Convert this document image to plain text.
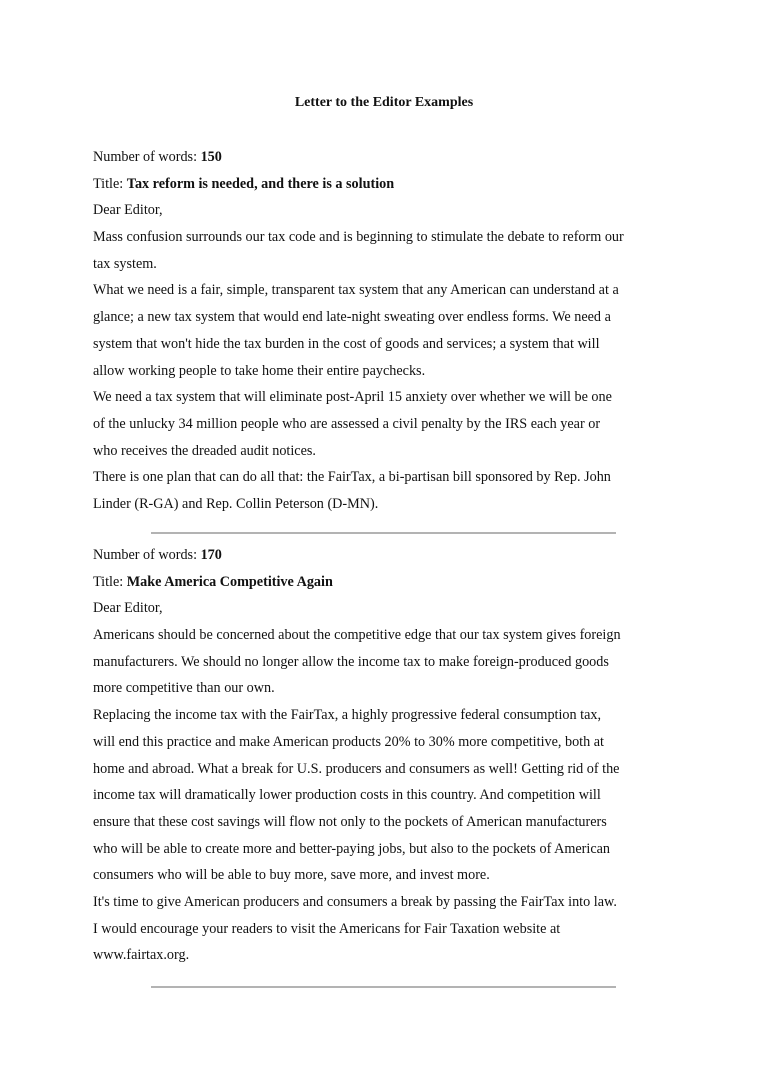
Letter to the Editor Examples
Number of words: 150
Title: Tax reform is needed, and there is a solution
Dear Editor,
Mass confusion surrounds our tax code and is beginning to stimulate the debate to reform our
tax system.
What we need is a fair, simple, transparent tax system that any American can understand at a
glance; a new tax system that would end late-night sweating over endless forms. We need a
system that won't hide the tax burden in the cost of goods and services; a system that will
allow working people to take home their entire paychecks.
We need a tax system that will eliminate post-April 15 anxiety over whether we will be one
of the unlucky 34 million people who are assessed a civil penalty by the IRS each year or
who receives the dreaded audit notices.
There is one plan that can do all that: the FairTax, a bi-partisan bill sponsored by Rep. John
Linder (R-GA) and Rep. Collin Peterson (D-MN).
Number of words: 170
Title: Make America Competitive Again
Dear Editor,
Americans should be concerned about the competitive edge that our tax system gives foreign
manufacturers. We should no longer allow the income tax to make foreign-produced goods
more competitive than our own.
Replacing the income tax with the FairTax, a highly progressive federal consumption tax,
will end this practice and make American products 20% to 30% more competitive, both at
home and abroad. What a break for U.S. producers and consumers as well! Getting rid of the
income tax will dramatically lower production costs in this country. And competition will
ensure that these cost savings will flow not only to the pockets of American manufacturers
who will be able to create more and better-paying jobs, but also to the pockets of American
consumers who will be able to buy more, save more, and invest more.
It's time to give American producers and consumers a break by passing the FairTax into law.
I would encourage your readers to visit the Americans for Fair Taxation website at
www.fairtax.org.
